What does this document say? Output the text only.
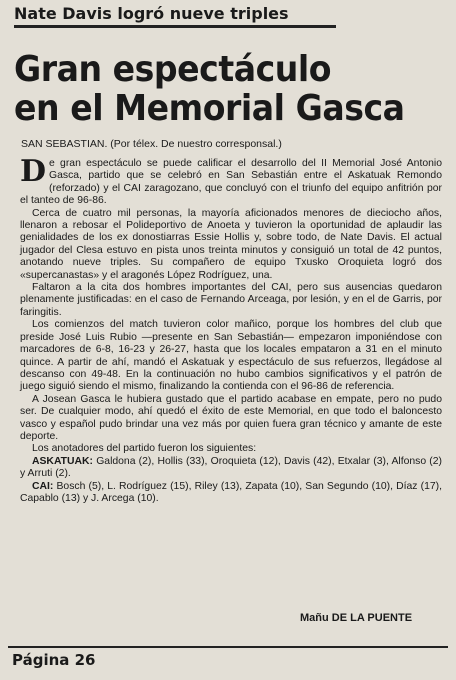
Nate Davis logró nueve triples
Gran espectáculo
en el Memorial Gasca
SAN SEBASTIAN. (Por télex. De nuestro corresponsal.)

De gran espectáculo se puede calificar el desarrollo del II Memorial José Antonio Gasca, partido que se celebró en San Sebastián entre el Askatuak Remondo (reforzado) y el CAI zaragozano, que concluyó con el triunfo del equipo anfitrión por el tanteo de 96-86.

Cerca de cuatro mil personas, la mayoría aficionados menores de dieciocho años, llenaron a rebosar el Polideportivo de Anoeta y tuvieron la oportunidad de aplaudir las genialidades de los ex donostiarras Essie Hollis y, sobre todo, de Nate Davis. El actual jugador del Clesa estuvo en pista unos treinta minutos y consiguió un total de 42 puntos, anotando nueve triples. Su compañero de equipo Txusko Oroquieta logró dos «supercanastas» y el aragonés López Rodríguez, una.

Faltaron a la cita dos hombres importantes del CAI, pero sus ausencias quedaron plenamente justificadas: en el caso de Fernando Arceaga, por lesión, y en el de Garris, por faringitis.

Los comienzos del match tuvieron color mañico, porque los hombres del club que preside José Luis Rubio —presente en San Sebastián— empezaron imponiéndose con marcadores de 6-8, 16-23 y 26-27, hasta que los locales empataron a 31 en el minuto quince. A partir de ahí, mandó el Askatuak y espectáculo de sus refuerzos, llegádose al descanso con 49-48. En la continuación no hubo cambios significativos y el patrón de juego siguió siendo el mismo, finalizando la contienda con el 96-86 de referencia.

A Josean Gasca le hubiera gustado que el partido acabase en empate, pero no pudo ser. De cualquier modo, ahí quedó el éxito de este Memorial, en que todo el baloncesto vasco y español pudo brindar una vez más por quien fuera gran técnico y amante de este deporte.

Los anotadores del partido fueron los siguientes:

ASKATUAK: Galdona (2), Hollis (33), Oroquieta (12), Davis (42), Etxalar (3), Alfonso (2) y Arruti (2).

CAI: Bosch (5), L. Rodríguez (15), Riley (13), Zapata (10), San Segundo (10), Díaz (17), Capablo (13) y J. Arcega (10).

Mañu DE LA PUENTE
Página 26
